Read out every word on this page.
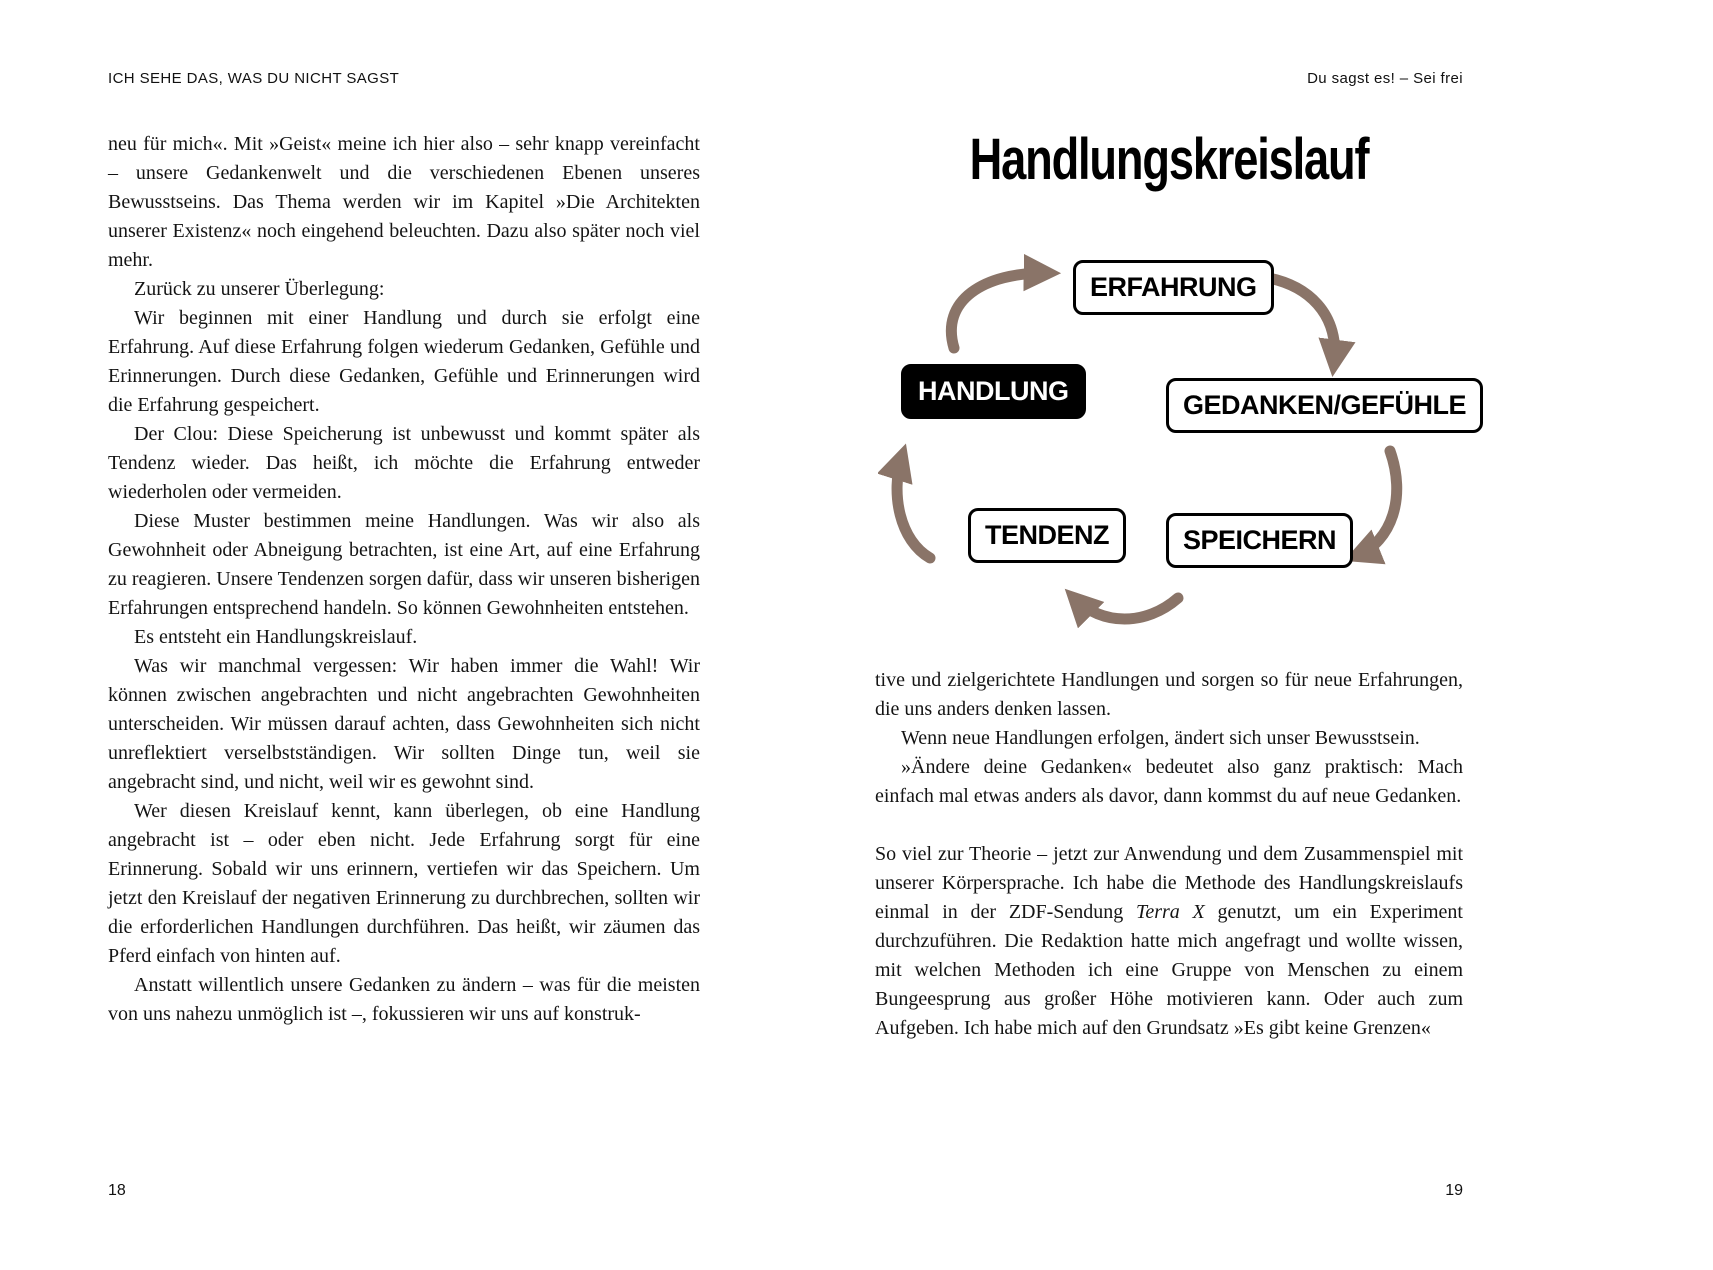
ICH SEHE DAS, WAS DU NICHT SAGST

neu für mich«. Mit »Geist« meine ich hier also – sehr knapp vereinfacht – unsere Gedankenwelt und die verschiedenen Ebenen unseres Bewusstseins. Das Thema werden wir im Kapitel »Die Architekten unserer Existenz« noch eingehend beleuchten. Dazu also später noch viel mehr.

Zurück zu unserer Überlegung:

Wir beginnen mit einer Handlung und durch sie erfolgt eine Erfahrung. Auf diese Erfahrung folgen wiederum Gedanken, Gefühle und Erinnerungen. Durch diese Gedanken, Gefühle und Erinnerungen wird die Erfahrung gespeichert.

Der Clou: Diese Speicherung ist unbewusst und kommt später als Tendenz wieder. Das heißt, ich möchte die Erfahrung entweder wiederholen oder vermeiden.

Diese Muster bestimmen meine Handlungen. Was wir also als Gewohnheit oder Abneigung betrachten, ist eine Art, auf eine Erfahrung zu reagieren. Unsere Tendenzen sorgen dafür, dass wir unseren bisherigen Erfahrungen entsprechend handeln. So können Gewohnheiten entstehen.

Es entsteht ein Handlungskreislauf.

Was wir manchmal vergessen: Wir haben immer die Wahl! Wir können zwischen angebrachten und nicht angebrachten Gewohnheiten unterscheiden. Wir müssen darauf achten, dass Gewohnheiten sich nicht unreflektiert verselbstständigen. Wir sollten Dinge tun, weil sie angebracht sind, und nicht, weil wir es gewohnt sind.

Wer diesen Kreislauf kennt, kann überlegen, ob eine Handlung angebracht ist – oder eben nicht. Jede Erfahrung sorgt für eine Erinnerung. Sobald wir uns erinnern, vertiefen wir das Speichern. Um jetzt den Kreislauf der negativen Erinnerung zu durchbrechen, sollten wir die erforderlichen Handlungen durchführen. Das heißt, wir zäumen das Pferd einfach von hinten auf.

Anstatt willentlich unsere Gedanken zu ändern – was für die meisten von uns nahezu unmöglich ist –, fokussieren wir uns auf konstruk-

18
Du sagst es! – Sei frei
Handlungskreislauf
ERFAHRUNG
GEDANKEN/GEFÜHLE
SPEICHERN
TENDENZ
HANDLUNG

tive und zielgerichtete Handlungen und sorgen so für neue Erfahrungen, die uns anders denken lassen.

Wenn neue Handlungen erfolgen, ändert sich unser Bewusstsein.

»Ändere deine Gedanken« bedeutet also ganz praktisch: Mach einfach mal etwas anders als davor, dann kommst du auf neue Gedanken.

So viel zur Theorie – jetzt zur Anwendung und dem Zusammenspiel mit unserer Körpersprache. Ich habe die Methode des Handlungskreislaufs einmal in der ZDF-Sendung Terra X genutzt, um ein Experiment durchzuführen. Die Redaktion hatte mich angefragt und wollte wissen, mit welchen Methoden ich eine Gruppe von Menschen zu einem Bungeesprung aus großer Höhe motivieren kann. Oder auch zum Aufgeben. Ich habe mich auf den Grundsatz »Es gibt keine Grenzen«

19
